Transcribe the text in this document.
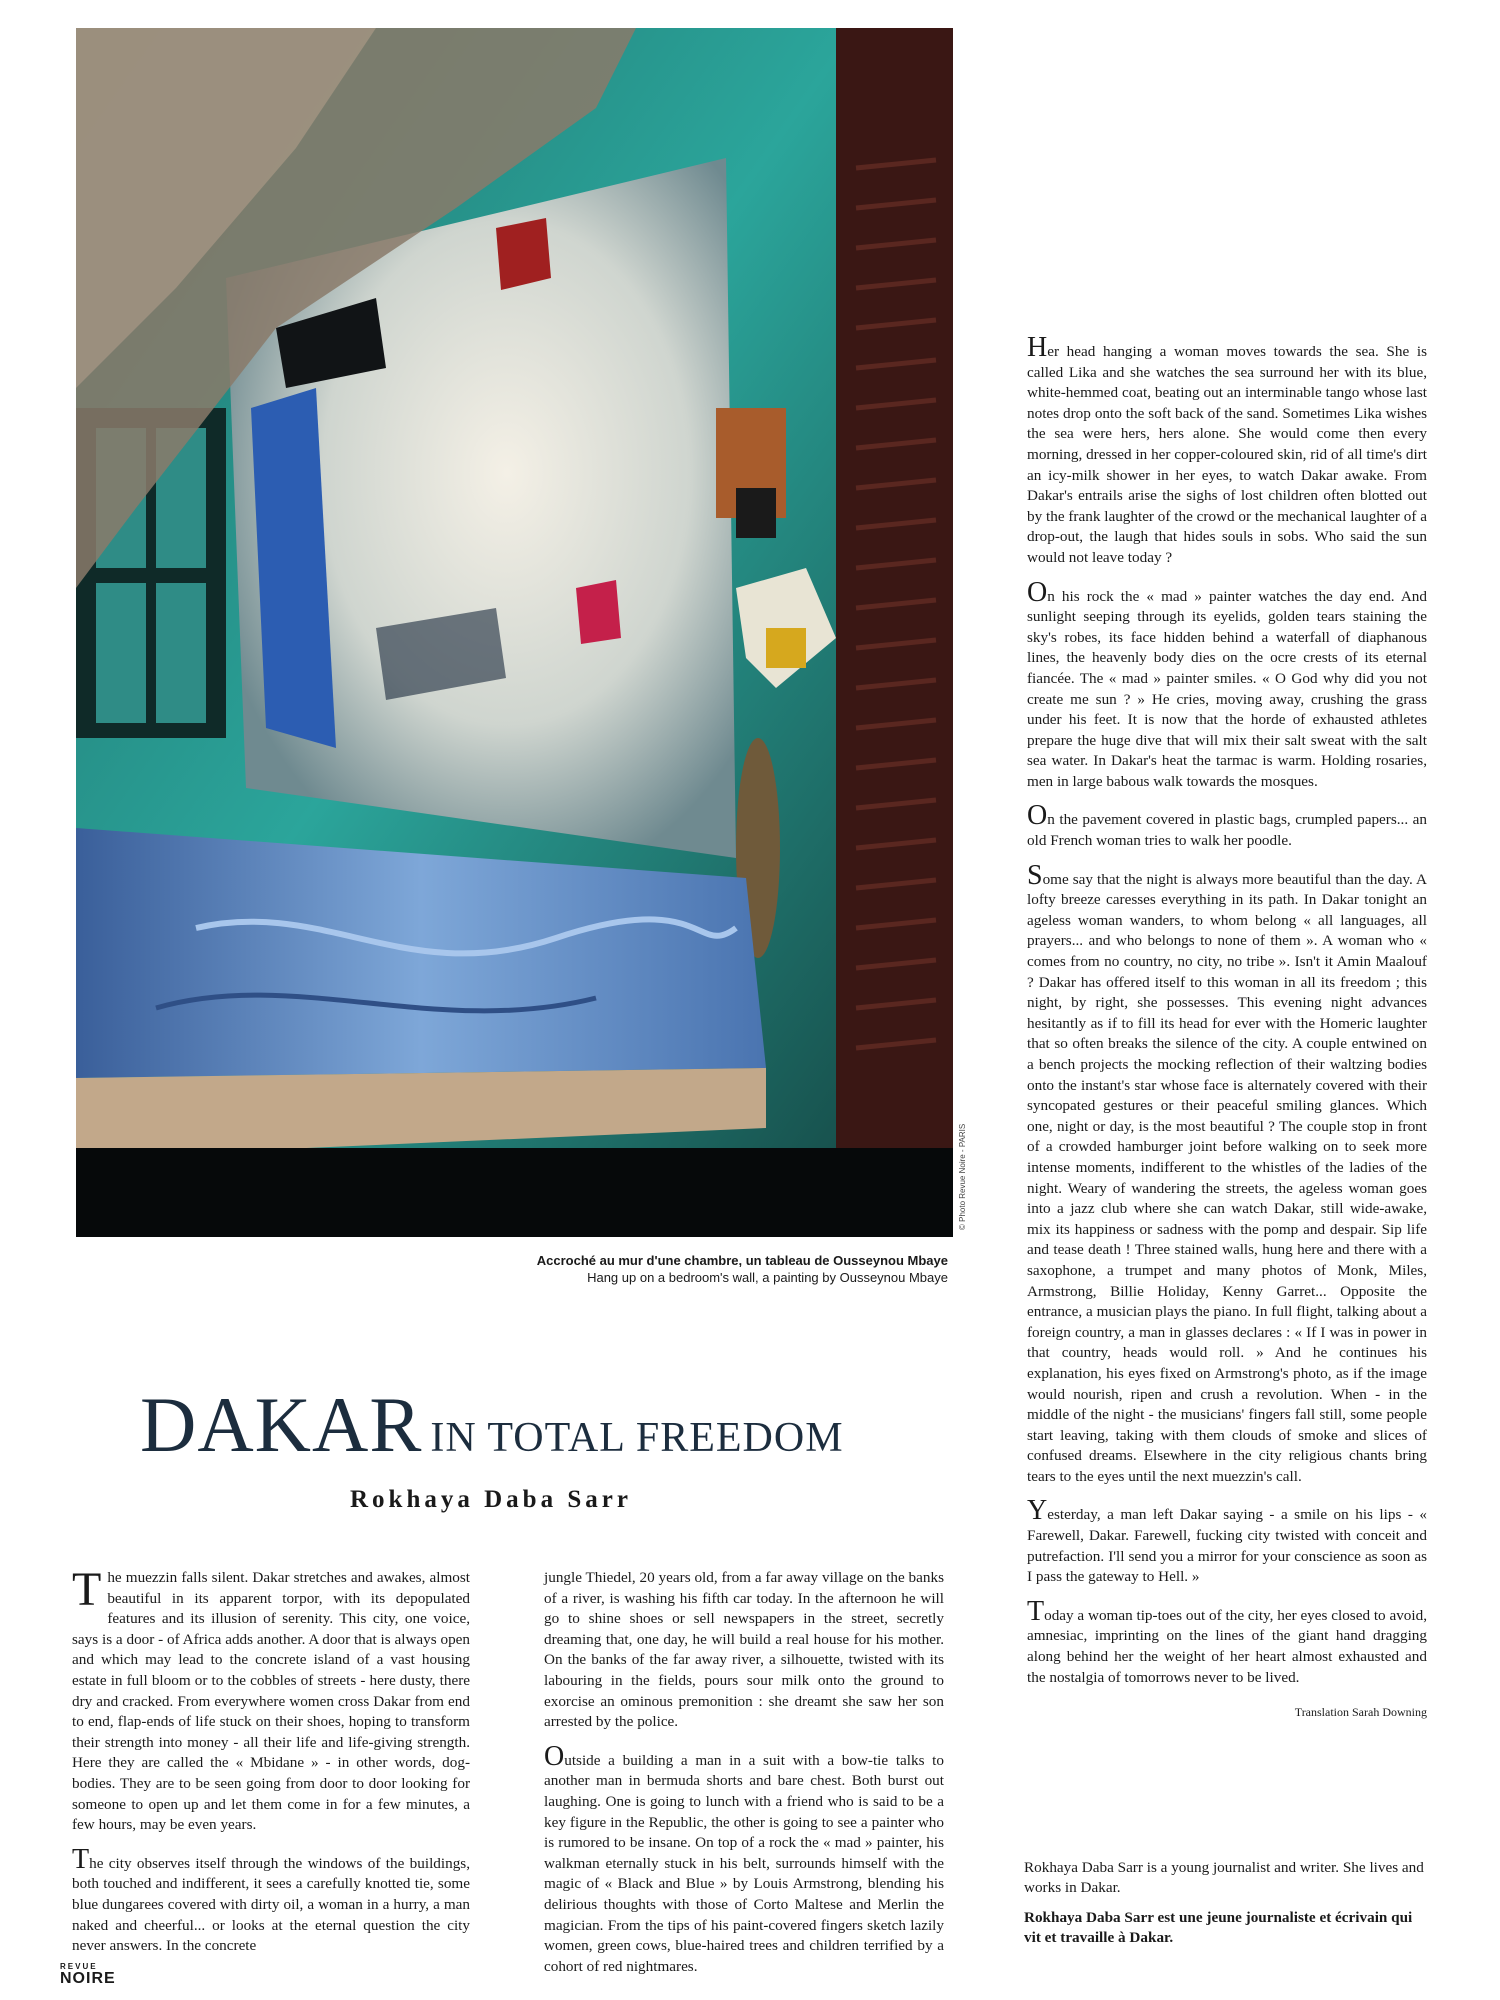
© Photo Revue Noire - PARIS
Accroché au mur d'une chambre, un tableau de Ousseynou Mbaye
Hang up on a bedroom's wall, a painting by Ousseynou Mbaye
DAKAR IN TOTAL FREEDOM
Rokhaya Daba Sarr

The muezzin falls silent. Dakar stretches and awakes, almost beautiful in its apparent torpor, with its depopulated features and its illusion of serenity. This city, one voice, says is a door - of Africa adds another. A door that is always open and which may lead to the concrete island of a vast housing estate in full bloom or to the cobbles of streets - here dusty, there dry and cracked. From everywhere women cross Dakar from end to end, flap-ends of life stuck on their shoes, hoping to transform their strength into money - all their life and life-giving strength. Here they are called the « Mbidane » - in other words, dog-bodies. They are to be seen going from door to door looking for someone to open up and let them come in for a few minutes, a few hours, may be even years.

The city observes itself through the windows of the buildings, both touched and indifferent, it sees a carefully knotted tie, some blue dungarees covered with dirty oil, a woman in a hurry, a man naked and cheerful... or looks at the eternal question the city never answers. In the concrete

jungle Thiedel, 20 years old, from a far away village on the banks of a river, is washing his fifth car today. In the afternoon he will go to shine shoes or sell newspapers in the street, secretly dreaming that, one day, he will build a real house for his mother. On the banks of the far away river, a silhouette, twisted with its labouring in the fields, pours sour milk onto the ground to exorcise an ominous premonition : she dreamt she saw her son arrested by the police.

Outside a building a man in a suit with a bow-tie talks to another man in bermuda shorts and bare chest. Both burst out laughing. One is going to lunch with a friend who is said to be a key figure in the Republic, the other is going to see a painter who is rumored to be insane. On top of a rock the « mad » painter, his walkman eternally stuck in his belt, surrounds himself with the magic of « Black and Blue » by Louis Armstrong, blending his delirious thoughts with those of Corto Maltese and Merlin the magician. From the tips of his paint-covered fingers sketch lazily women, green cows, blue-haired trees and children terrified by a cohort of red nightmares.

Her head hanging a woman moves towards the sea. She is called Lika and she watches the sea surround her with its blue, white-hemmed coat, beating out an interminable tango whose last notes drop onto the soft back of the sand. Sometimes Lika wishes the sea were hers, hers alone. She would come then every morning, dressed in her copper-coloured skin, rid of all time's dirt an icy-milk shower in her eyes, to watch Dakar awake. From Dakar's entrails arise the sighs of lost children often blotted out by the frank laughter of the crowd or the mechanical laughter of a drop-out, the laugh that hides souls in sobs. Who said the sun would not leave today ?

On his rock the « mad » painter watches the day end. And sunlight seeping through its eyelids, golden tears staining the sky's robes, its face hidden behind a waterfall of diaphanous lines, the heavenly body dies on the ocre crests of its eternal fiancée. The « mad » painter smiles. « O God why did you not create me sun ? » He cries, moving away, crushing the grass under his feet. It is now that the horde of exhausted athletes prepare the huge dive that will mix their salt sweat with the salt sea water. In Dakar's heat the tarmac is warm. Holding rosaries, men in large babous walk towards the mosques.

On the pavement covered in plastic bags, crumpled papers... an old French woman tries to walk her poodle.

Some say that the night is always more beautiful than the day. A lofty breeze caresses everything in its path. In Dakar tonight an ageless woman wanders, to whom belong « all languages, all prayers... and who belongs to none of them ». A woman who « comes from no country, no city, no tribe ». Isn't it Amin Maalouf ? Dakar has offered itself to this woman in all its freedom ; this night, by right, she possesses. This evening night advances hesitantly as if to fill its head for ever with the Homeric laughter that so often breaks the silence of the city. A couple entwined on a bench projects the mocking reflection of their waltzing bodies onto the instant's star whose face is alternately covered with their syncopated gestures or their peaceful smiling glances. Which one, night or day, is the most beautiful ? The couple stop in front of a crowded hamburger joint before walking on to seek more intense moments, indifferent to the whistles of the ladies of the night. Weary of wandering the streets, the ageless woman goes into a jazz club where she can watch Dakar, still wide-awake, mix its happiness or sadness with the pomp and despair. Sip life and tease death ! Three stained walls, hung here and there with a saxophone, a trumpet and many photos of Monk, Miles, Armstrong, Billie Holiday, Kenny Garret... Opposite the entrance, a musician plays the piano. In full flight, talking about a foreign country, a man in glasses declares : « If I was in power in that country, heads would roll. » And he continues his explanation, his eyes fixed on Armstrong's photo, as if the image would nourish, ripen and crush a revolution. When - in the middle of the night - the musicians' fingers fall still, some people start leaving, taking with them clouds of smoke and slices of confused dreams. Elsewhere in the city religious chants bring tears to the eyes until the next muezzin's call.

Yesterday, a man left Dakar saying - a smile on his lips - « Farewell, Dakar. Farewell, fucking city twisted with conceit and putrefaction. I'll send you a mirror for your conscience as soon as I pass the gateway to Hell. »

Today a woman tip-toes out of the city, her eyes closed to avoid, amnesiac, imprinting on the lines of the giant hand dragging along behind her the weight of her heart almost exhausted and the nostalgia of tomorrows never to be lived.

Translation Sarah Downing

Rokhaya Daba Sarr is a young journalist and writer. She lives and works in Dakar.

Rokhaya Daba Sarr est une jeune journaliste et écrivain qui vit et travaille à Dakar.

REVUE
NOIRE
